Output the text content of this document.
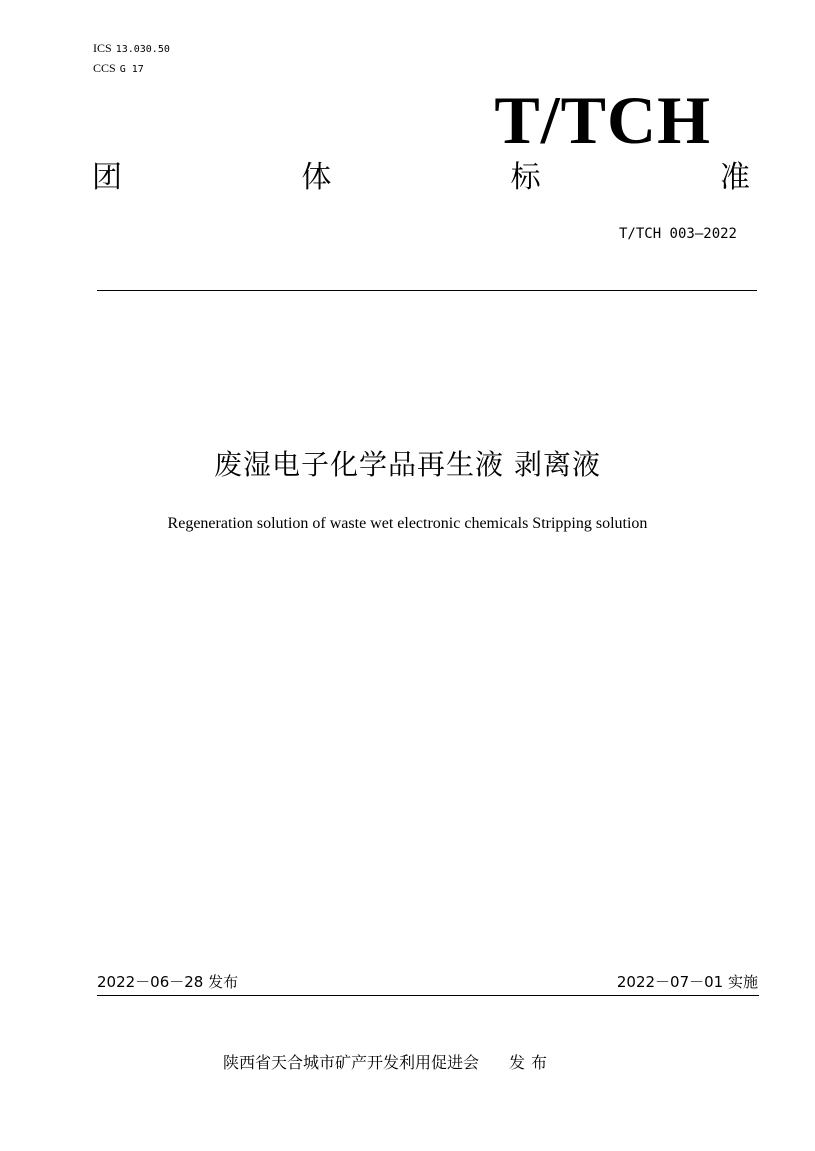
ICS 13.030.50
CCS G 17
T/TCH
团	体	标	准
T/TCH 003—2022
废湿电子化学品再生液 剥离液
Regeneration solution of waste wet electronic chemicals Stripping solution
2022－06－28 发布	2022－07－01 实施
陕西省天合城市矿产开发利用促进会 发布
